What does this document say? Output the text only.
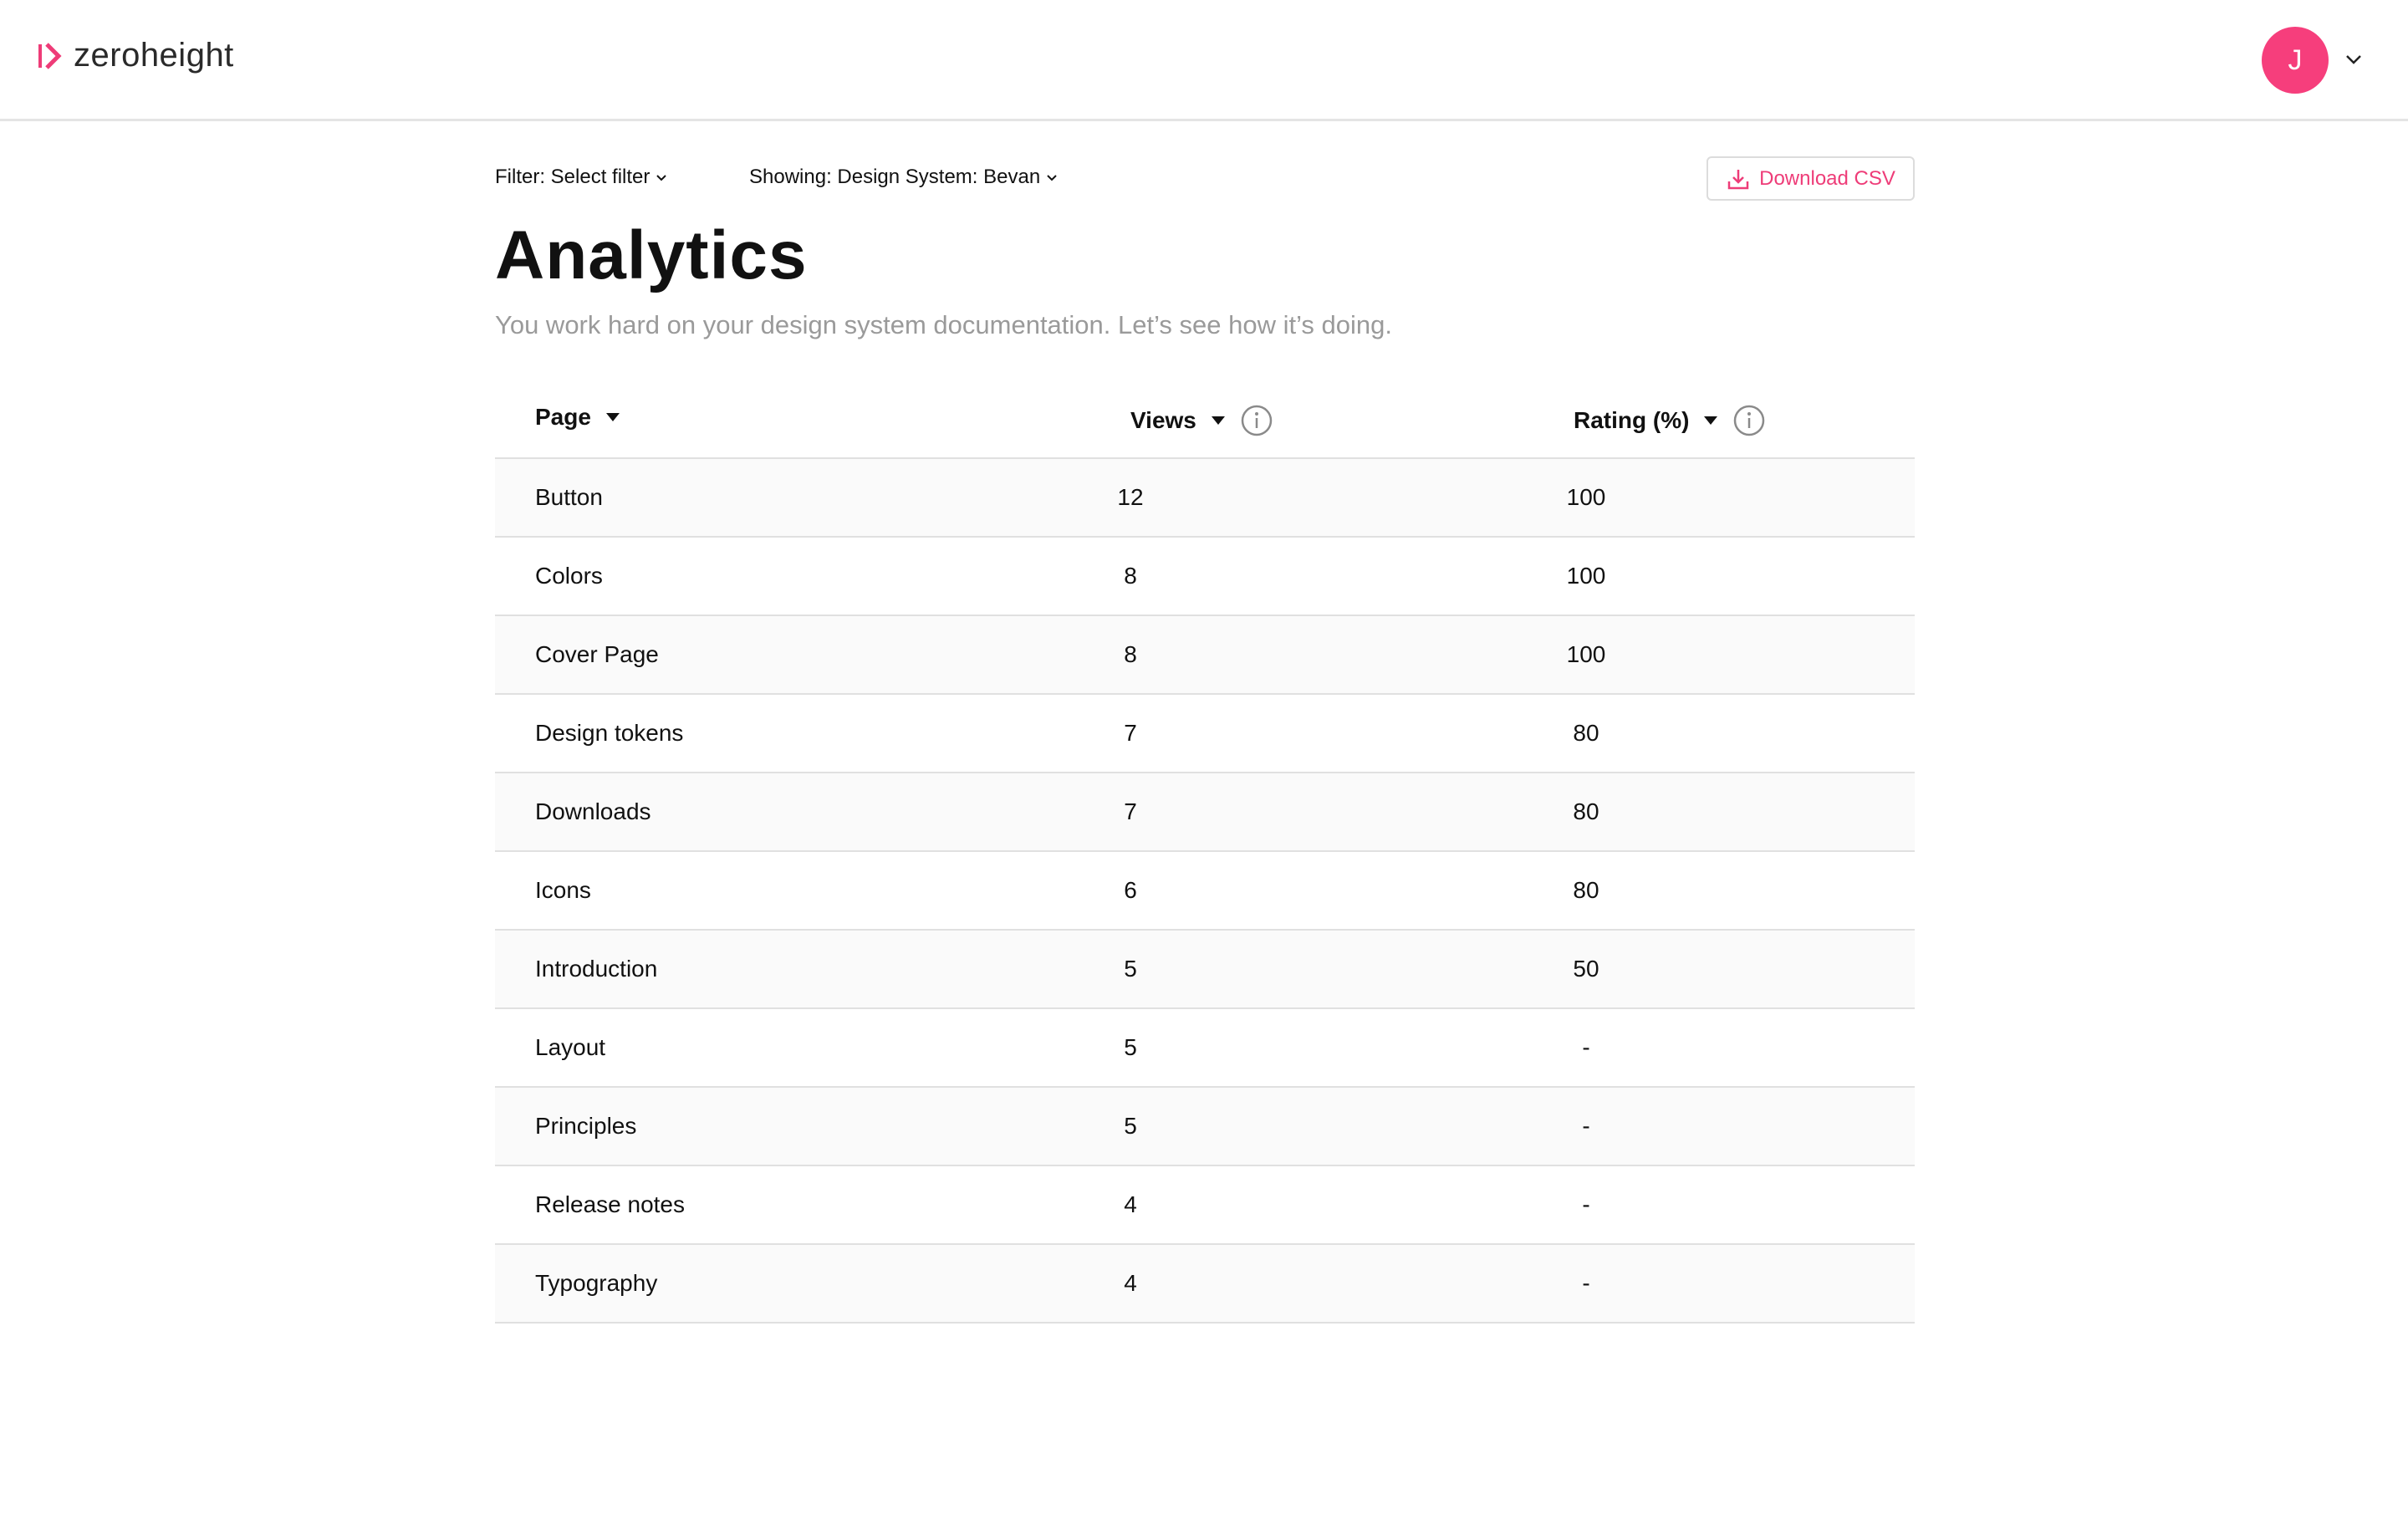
zeroheight	J
Filter: Select filter	Showing: Design System: Bevan	Download CSV
Analytics

You work hard on your design system documentation. Let’s see how it’s doing.

Page	Views	Rating (%)
Button	12	100
Colors	8	100
Cover Page	8	100
Design tokens	7	80
Downloads	7	80
Icons	6	80
Introduction	5	50
Layout	5	-
Principles	5	-
Release notes	4	-
Typography	4	-
